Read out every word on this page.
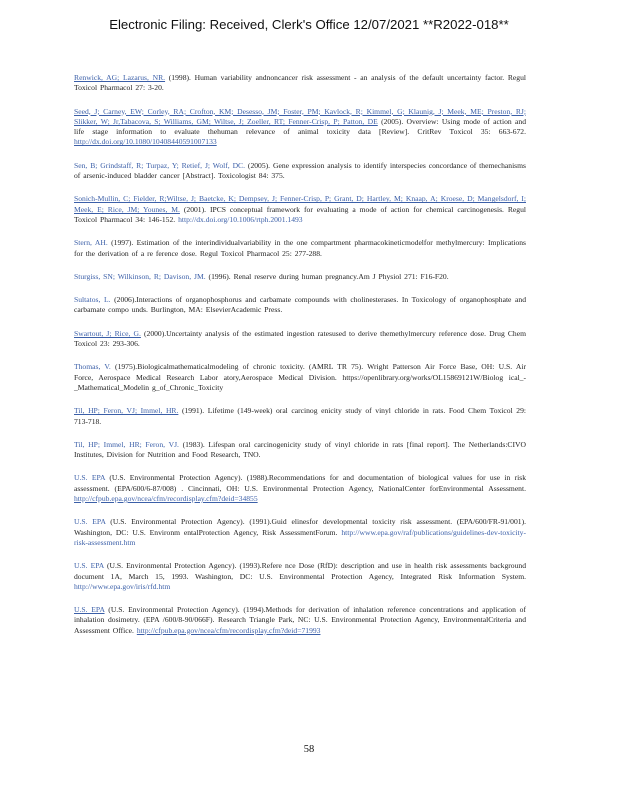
Electronic Filing: Received, Clerk's Office 12/07/2021 **R2022-018**

Renwick, AG; Lazarus, NR. (1998). Human variability andnoncancer risk assessment - an analysis of the default uncertainty factor. Regul Toxicol Pharmacol 27: 3-20.

Seed, J; Carney, EW; Corley, RA; Crofton, KM; Desesso, JM; Foster, PM; Kavlock, R; Kimmel, G; Klaunig, J; Meek, ME; Preston, RJ; Slikker, W; Jr,Tabacova, S; Williams, GM; Wiltse, J; Zoeller, RT; Fenner-Crisp, P; Patton, DE (2005). Overview: Using mode of action and life stage information to evaluate thehuman relevance of animal toxicity data [Review]. CritRev Toxicol 35: 663-672. http://dx.doi.org/10.1080/10408440591007133

Sen, B; Grindstaff, R; Turpaz, Y; Retief, J; Wolf, DC. (2005). Gene expression analysis to identify interspecies concordance of themechanisms of arsenic-induced bladder cancer [Abstract]. Toxicologist 84: 375.

Sonich-Mullin, C; Fielder, R;Wiltse, J; Baetcke, K; Dempsey, J; Fenner-Crisp, P; Grant, D; Hartley, M; Knaap, A; Kroese, D; Mangelsdorf, I; Meek, E; Rice, JM; Younes, M. (2001). IPCS conceptual framework for evaluating a mode of action for chemical carcinogenesis. Regul Toxicol Pharmacol 34: 146-152. http://dx.doi.org/10.1006/rtph.2001.1493

Stern, AH. (1997). Estimation of the interindividualvariability in the one compartment pharmacokineticmodelfor methylmercury: Implications for the derivation of a re ference dose. Regul Toxicol Pharmacol 25: 277-288.

Sturgiss, SN; Wilkinson, R; Davison, JM. (1996). Renal reserve during human pregnancy.Am J Physiol 271: F16-F20.

Sultatos, L. (2006).Interactions of organophosphorus and carbamate compounds with cholinesterases. In Toxicology of organophosphate and carbamate compo unds. Burlington, MA: ElsevierAcademic Press.

Swartout, J; Rice, G. (2000).Uncertainty analysis of the estimated ingestion ratesused to derive themethylmercury reference dose. Drug Chem Toxicol 23: 293-306.

Thomas, V. (1975).Biologicalmathematicalmodeling of chronic toxicity. (AMRL TR 75). Wright Patterson Air Force Base, OH: U.S. Air Force, Aerospace Medical Research Labor atory,Aerospace Medical Division. https://openlibrary.org/works/OL15869121W/Biolog ical_-_Mathematical_Modelin g_of_Chronic_Toxicity

Til, HP; Feron, VJ; Immel, HR. (1991). Lifetime (149-week) oral carcinog enicity study of vinyl chloride in rats. Food Chem Toxicol 29: 713-718.

Til, HP; Immel, HR; Feron, VJ. (1983). Lifespan oral carcinogenicity study of vinyl chloride in rats [final report]. The Netherlands:CIVO Institutes, Division for Nutrition and Food Research, TNO.

U.S. EPA (U.S. Environmental Protection Agency). (1988).Recommendations for and documentation of biological values for use in risk assessment. (EPA/600/6-87/008) . Cincinnati, OH: U.S. Environmental Protection Agency, NationalCenter forEnvironmental Assessment. http://cfpub.epa.gov/ncea/cfm/recordisplay.cfm?deid=34855

U.S. EPA (U.S. Environmental Protection Agency). (1991).Guid elinesfor developmental toxicity risk assessment. (EPA/600/FR-91/001). Washington, DC: U.S. Environm entalProtection Agency, Risk AssessmentForum. http://www.epa.gov/raf/publications/guidelines-dev-toxicity-risk-assessment.htm

U.S. EPA (U.S. Environmental Protection Agency). (1993).Refere nce Dose (RfD): description and use in health risk assessments background document 1A, March 15, 1993. Washington, DC: U.S. Environmental Protection Agency, Integrated Risk Information System. http://www.epa.gov/iris/rfd.htm

U.S. EPA (U.S. Environmental Protection Agency). (1994).Methods for derivation of inhalation reference concentrations and application of inhalation dosimetry. (EPA /600/8-90/066F). Research Triangle Park, NC: U.S. Environmental Protection Agency, EnvironmentalCriteria and Assessment Office. http://cfpub.epa.gov/ncea/cfm/recordisplay.cfm?deid=71993

58
